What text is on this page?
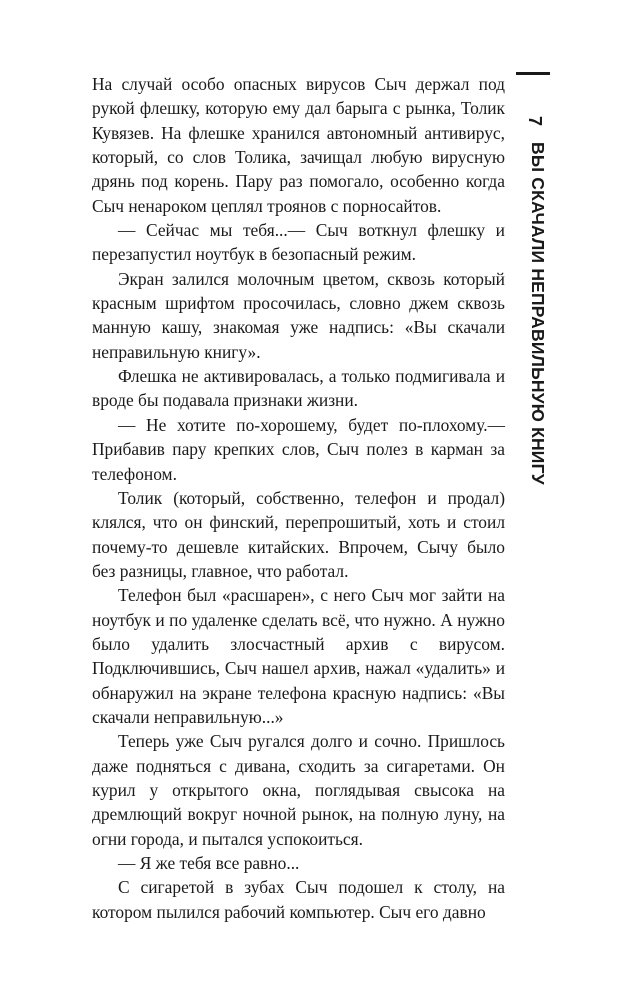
На случай особо опасных вирусов Сыч держал под рукой флешку, которую ему дал барыга с рынка, Толик Кувязев. На флешке хранился автономный антивирус, который, со слов Толика, зачищал любую вирусную дрянь под корень. Пару раз помогало, особенно когда Сыч ненароком цеплял троянов с порносайтов.

— Сейчас мы тебя...— Сыч воткнул флешку и перезапустил ноутбук в безопасный режим.

Экран залился молочным цветом, сквозь который красным шрифтом просочилась, словно джем сквозь манную кашу, знакомая уже надпись: «Вы скачали неправильную книгу».

Флешка не активировалась, а только подмигивала и вроде бы подавала признаки жизни.

— Не хотите по-хорошему, будет по-плохому.— Прибавив пару крепких слов, Сыч полез в карман за телефоном.

Толик (который, собственно, телефон и продал) клялся, что он финский, перепрошитый, хоть и стоил почему-то дешевле китайских. Впрочем, Сычу было без разницы, главное, что работал.

Телефон был «расшарен», с него Сыч мог зайти на ноутбук и по удаленке сделать всё, что нужно. А нужно было удалить злосчастный архив с вирусом. Подключившись, Сыч нашел архив, нажал «удалить» и обнаружил на экране телефона красную надпись: «Вы скачали неправильную...»

Теперь уже Сыч ругался долго и сочно. Пришлось даже подняться с дивана, сходить за сигаретами. Он курил у открытого окна, поглядывая свысока на дремлющий вокруг ночной рынок, на полную луну, на огни города, и пытался успокоиться.

— Я же тебя все равно...

С сигаретой в зубах Сыч подошел к столу, на котором пылился рабочий компьютер. Сыч его давно

7
ВЫ СКАЧАЛИ НЕПРАВИЛЬНУЮ КНИГУ
